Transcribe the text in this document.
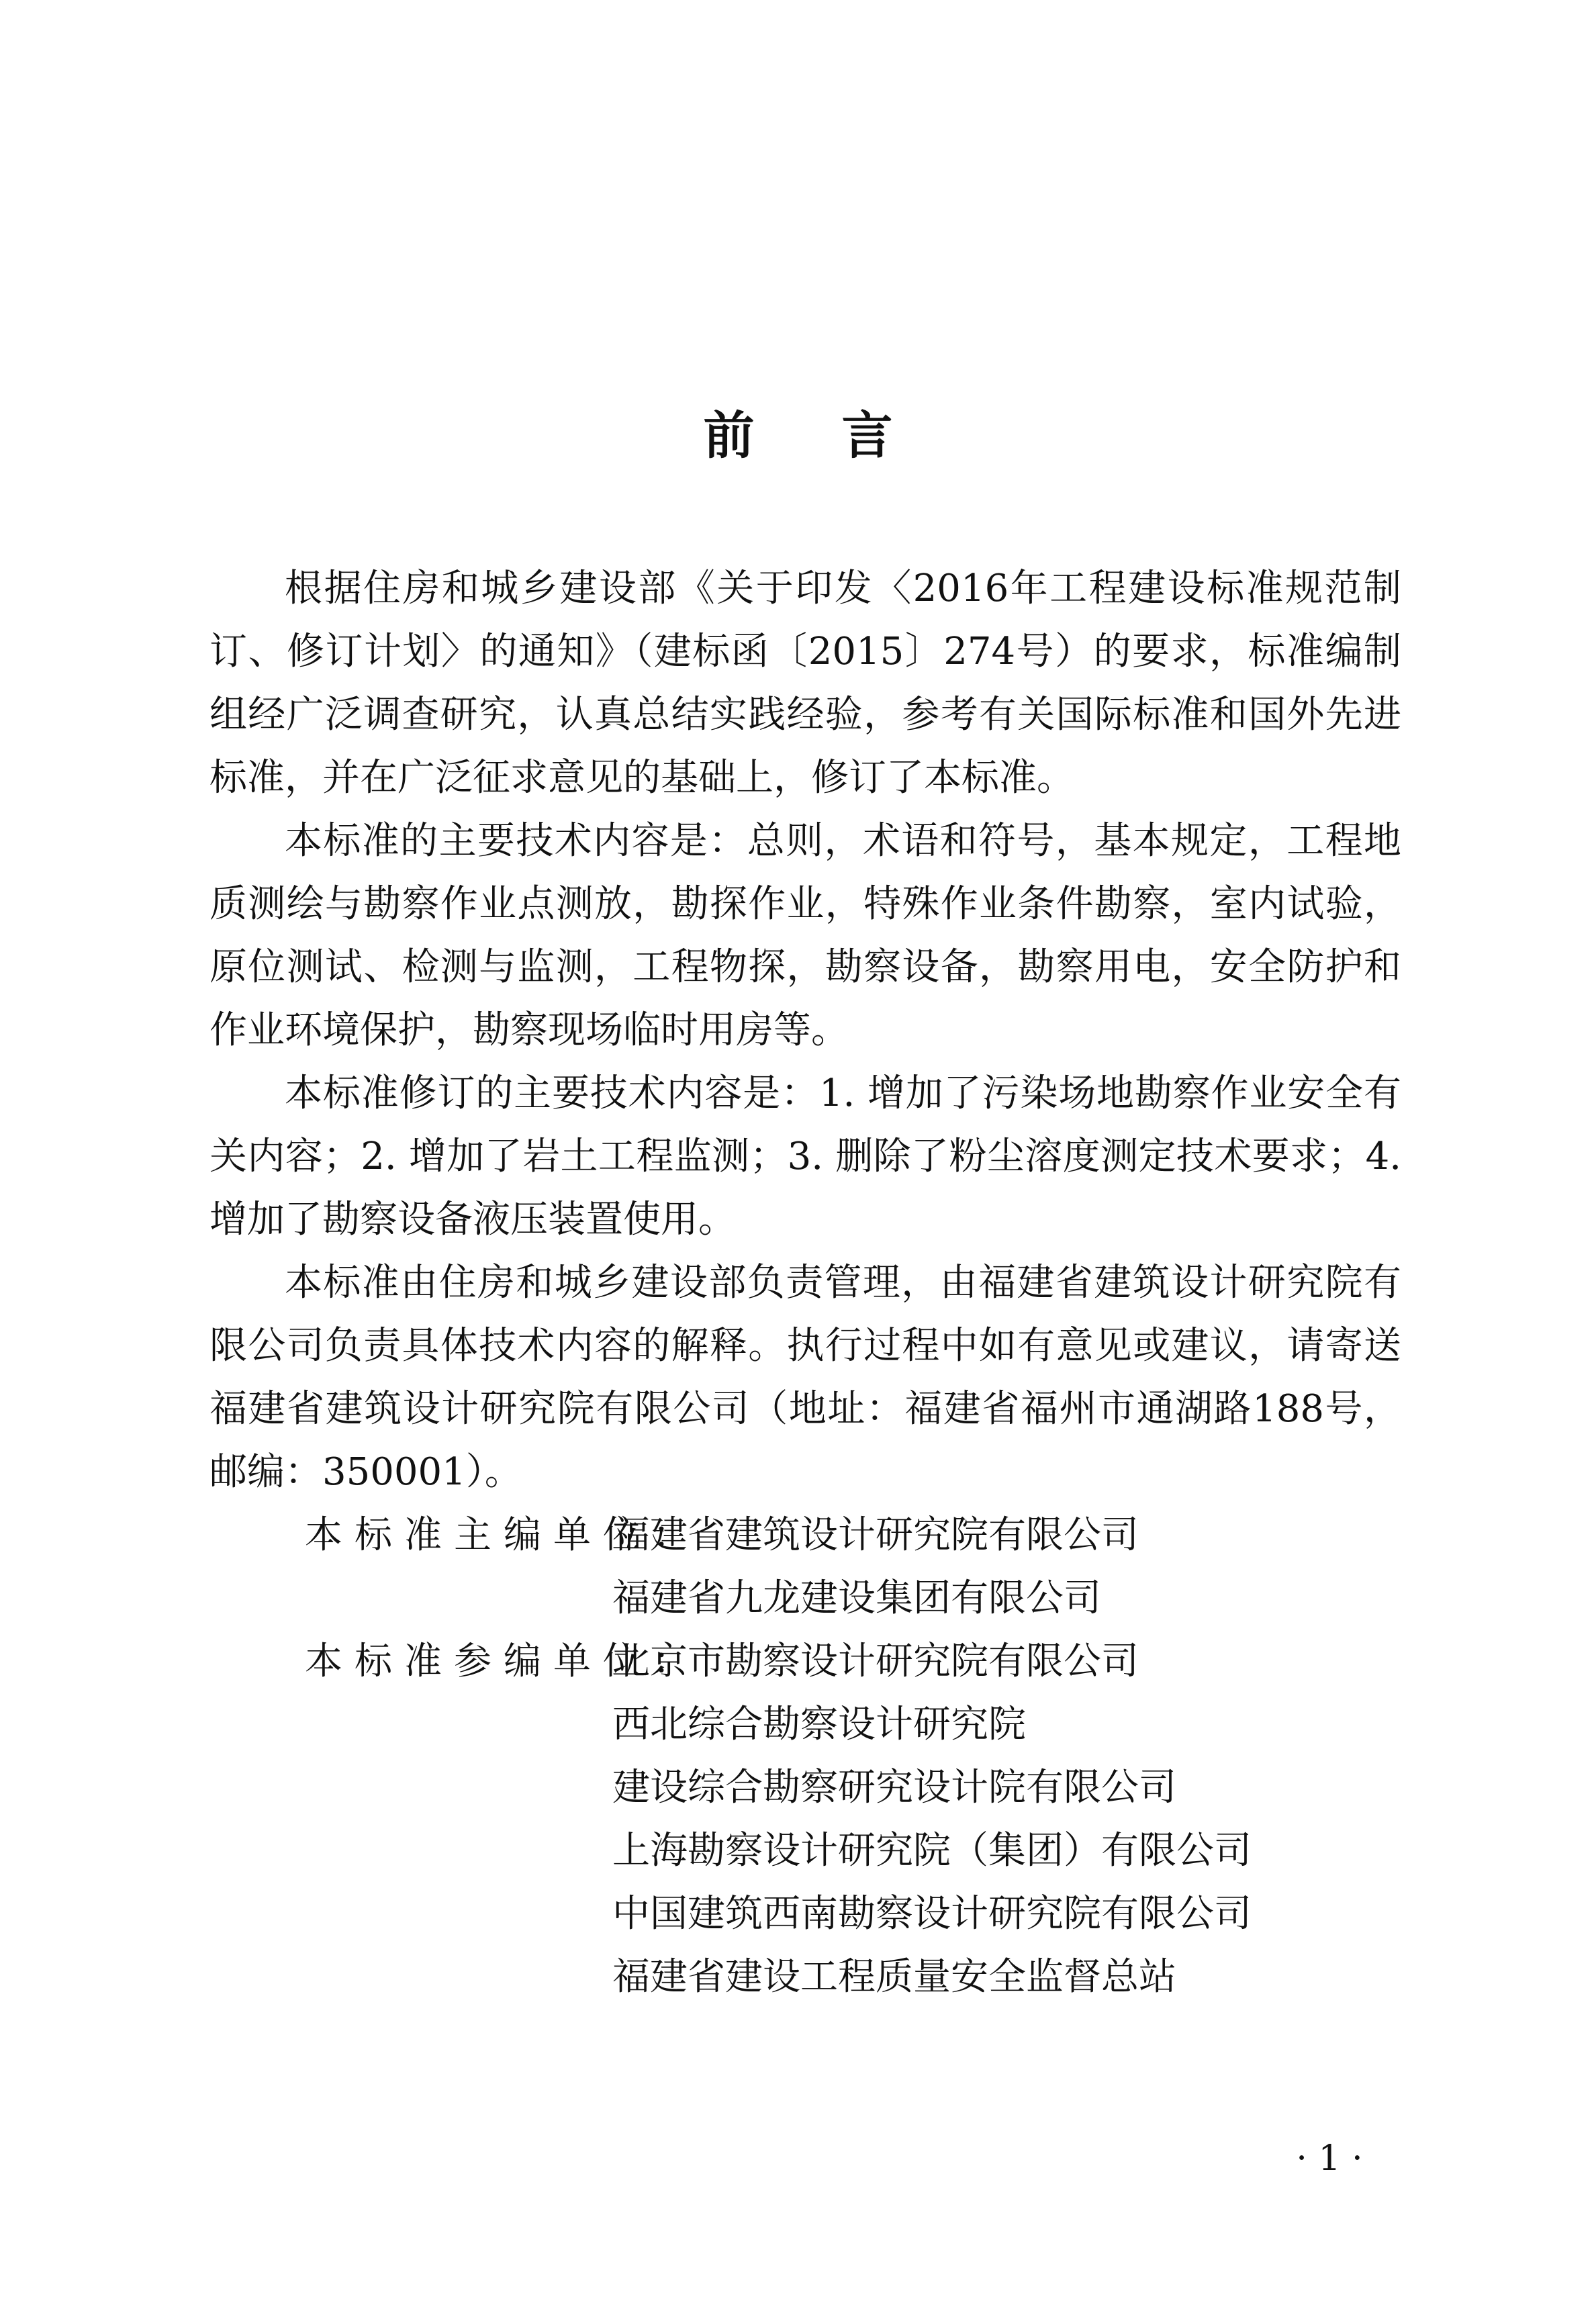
前言

根据住房和城乡建设部《关于印发〈2016年工程建设标准规范制订、修订计划〉的通知》（建标函〔2015〕274号）的要求，标准编制组经广泛调查研究，认真总结实践经验，参考有关国际标准和国外先进标准，并在广泛征求意见的基础上，修订了本标准。

本标准的主要技术内容是：总则，术语和符号，基本规定，工程地质测绘与勘察作业点测放，勘探作业，特殊作业条件勘察，室内试验，原位测试、检测与监测，工程物探，勘察设备，勘察用电，安全防护和作业环境保护，勘察现场临时用房等。

本标准修订的主要技术内容是：1. 增加了污染场地勘察作业安全有关内容；2. 增加了岩土工程监测；3. 删除了粉尘溶度测定技术要求；4. 增加了勘察设备液压装置使用。

本标准由住房和城乡建设部负责管理，由福建省建筑设计研究院有限公司负责具体技术内容的解释。执行过程中如有意见或建议，请寄送福建省建筑设计研究院有限公司（地址：福建省福州市通湖路188号，邮编：350001）。

本标准主编单位：
福建省建筑设计研究院有限公司
福建省九龙建设集团有限公司
本标准参编单位：
北京市勘察设计研究院有限公司
西北综合勘察设计研究院
建设综合勘察研究设计院有限公司
上海勘察设计研究院（集团）有限公司
中国建筑西南勘察设计研究院有限公司
福建省建设工程质量安全监督总站
· 1 ·
